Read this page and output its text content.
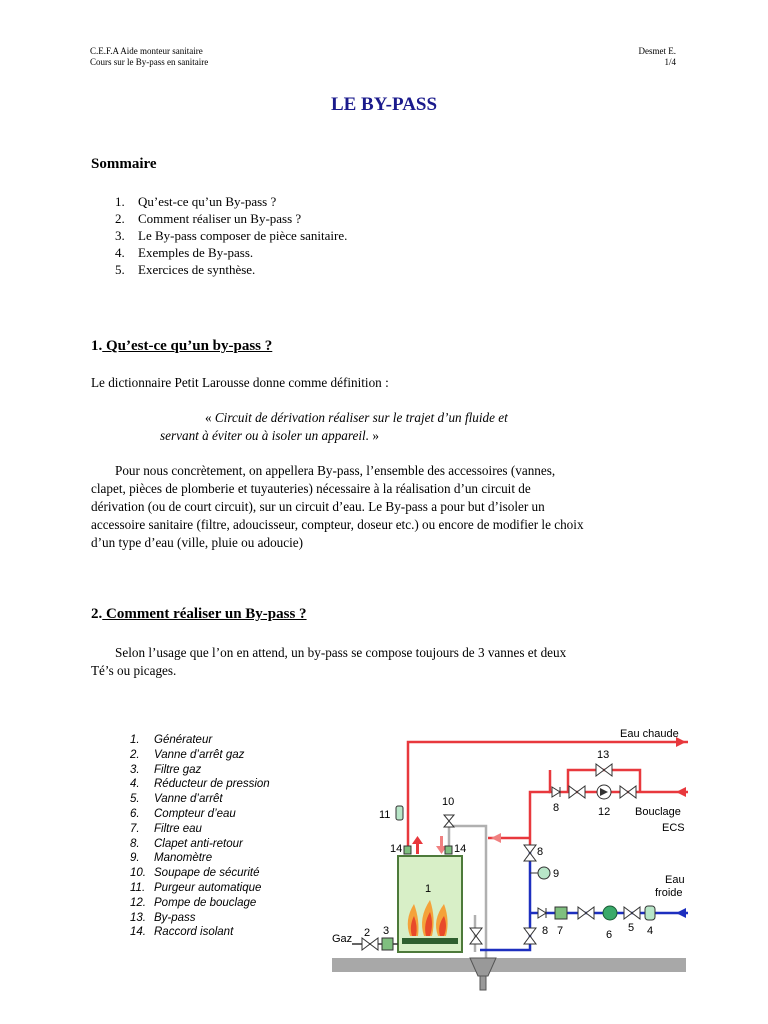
C.E.F.A Aide monteur sanitaire
Cours sur le By-pass en sanitaire
Desmet E.
1/4
LE BY-PASS
Sommaire
1. Qu’est-ce qu’un By-pass ?
2. Comment réaliser un By-pass ?
3. Le By-pass composer de pièce sanitaire.
4. Exemples de By-pass.
5. Exercices de synthèse.
1. Qu’est-ce qu’un by-pass ?
Le dictionnaire Petit Larousse donne comme définition :
« Circuit de dérivation réaliser sur le trajet d’un fluide et
servant à éviter ou à isoler un appareil. »
Pour nous concrètement, on appellera By-pass, l’ensemble des accessoires (vannes,
clapet, pièces de plomberie et tuyauteries) nécessaire à la réalisation d’un circuit de
dérivation (ou de court circuit), sur un circuit d’eau. Le By-pass a pour but d’isoler un
accessoire sanitaire (filtre, adoucisseur, compteur, doseur etc.) ou encore de modifier le choix
d’un type d’eau (ville, pluie ou adoucie)
2. Comment réaliser un By-pass ?
Selon l’usage que l’on en attend, un by-pass se compose toujours de 3 vannes et deux
Té’s ou picages.
1. Générateur
2. Vanne d’arrêt gaz
3. Filtre gaz
4. Réducteur de pression
5. Vanne d’arrêt
6. Compteur d’eau
7. Filtre eau
8. Clapet anti-retour
9. Manomètre
10. Soupape de sécurité
11. Purgeur automatique
12. Pompe de bouclage
13. By-pass
14. Raccord isolant
Eau chaude
Bouclage
ECS
Eau
froide
Gaz
1
2 3	4
5
6
7
8
8
8
9
10
11	12
13
14	14
